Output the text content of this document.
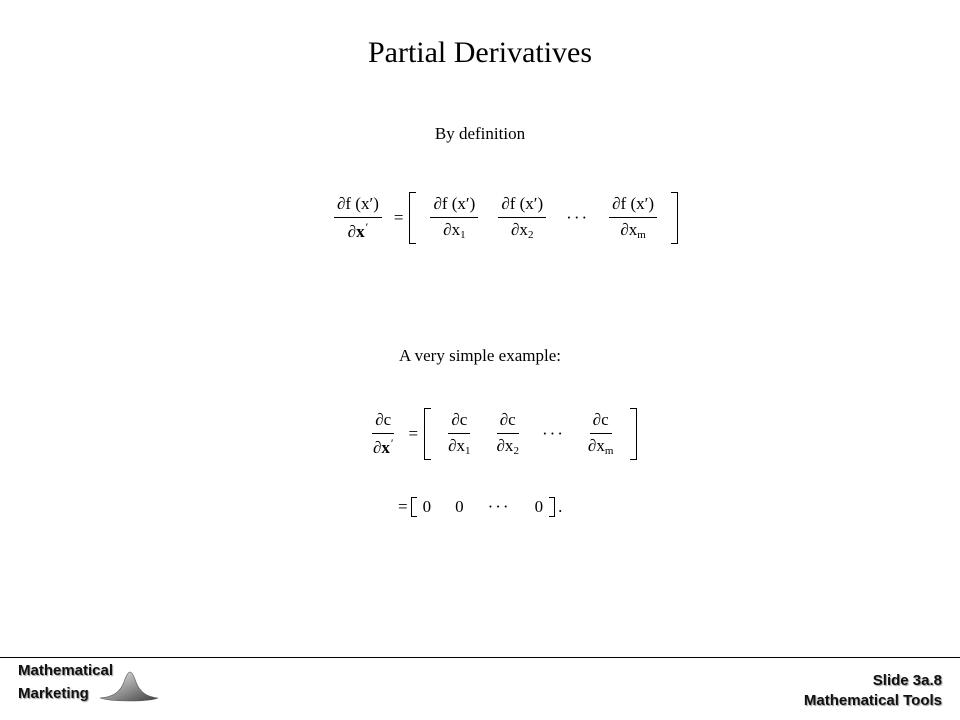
Partial Derivatives
By definition
$\frac{\partial f (x')}{\partial x'} = \frac{\partial f (x')}{\partial x_1} \frac{\partial f (x')}{\partial x_2}$ ··· $\frac{\partial f (x')}{\partial x_m}$
A very simple example:
$\frac{\partial c}{\partial x'} = \frac{\partial c}{\partial x_1} \frac{\partial c}{\partial x_2}$ ··· $\frac{\partial c}{\partial x_m}$
= 0 0 ··· 0 .
Mathematical
Marketing
Slide 3a.8
Mathematical Tools
